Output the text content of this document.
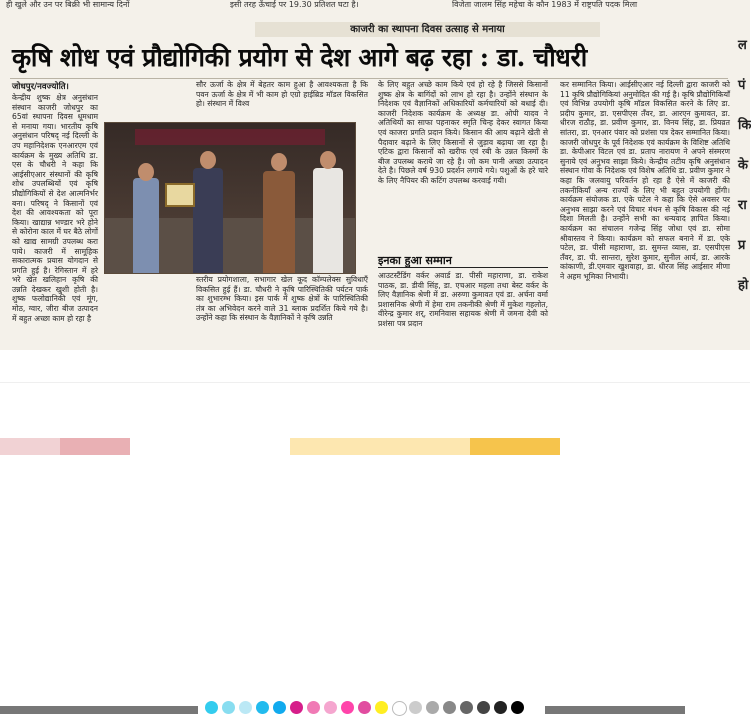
ही खुले और उन पर बिक्री भी सामान्य दिनों	इसी तरह ऊँचाई पर 19.30 प्रतिशत घटा है।	विजेता जालम सिंह महेचा के कौन 1983 में राष्ट्रपति पदक मिला
काजरी का स्थापना दिवस उत्साह से मनाया
कृषि शोध एवं प्रौद्योगिकी प्रयोग से देश आगे बढ़ रहा : डा. चौधरी
जोधपुर/नवज्योति।
केन्द्रीय शुष्क क्षेत्र अनुसंधान संस्थान काजरी जोधपुर का 65वां स्थापना दिवस धूमधाम से मनाया गया। भारतीय कृषि अनुसंधान परिषद् नई दिल्ली के उप महानिदेशक एनआरएम एवं कार्यक्रम के मुख्य अतिथि डा. एस के चौधरी ने कहा कि आईसीएआर संस्थानों की कृषि शोध उपलब्धियों एवं कृषि प्रौद्योगिकियों से देश आत्मनिर्भर बना। परिषद् ने किसानों एवं देश की आवश्यकता को पूरा किया। खाद्यान्न भण्डार भरे होने से कोरोना काल में घर बैठे लोगों को खाद्य सामग्री उपलब्ध करा पाये। काजरी में सामूहिक सकारात्मक प्रयास योगदान से प्रगति हुई है। रेगिस्तान में हरे भरे खेत खलिहान कृषि की उन्नति देखकर खुशी होती है। शुष्क फलोद्यानिकी एवं मूंग, मोठ, ग्वार, जीरा बीज उत्पादन में बहुत अच्छा काम हो रहा है
सौर ऊर्जा के क्षेत्र में बेहतर काम हुआ है आवश्यकता है कि पवन ऊर्जा के क्षेत्र में भी काम हो एग्रो हाईब्रिड मॉडल विकसित हो। संस्थान में विश्व
स्तरीय प्रयोगशाला, सभागार खेल कूद कॉम्पलेक्स सुविधाएँ विकसित हुई हैं। डा. चौधरी ने कृषि पारिस्थितिकी पर्यटन पार्क का शुभारम्भ किया। इस पार्क में शुष्क क्षेत्रों के पारिस्थितिकी तंत्र का अभिवेदन करने वाले 31 ब्लाक प्रदर्शित किये गये है। उन्होंने कहा कि संस्थान के वैज्ञानिकों ने कृषि उन्नति
के लिए बहुत अच्छे काम किये एवं हो रहे है जिससे किसानों शुष्क क्षेत्र के बागिंदों को लाभ हो रहा है। उन्होंने संस्थान के निदेशक एवं वैज्ञानिकों अधिकारियों कर्मचारियों को बधाई दी। काजरी निदेशक कार्यक्रम के अध्यक्ष डा. ओपी यादव ने अतिथियों का साफा पहनाकर स्मृति चिन्ह देकर स्वागत किया एवं काजरा प्रगति प्रदान किये। किसान की आय बढ़ाने खेती से पैदावार बढ़ाने के लिए किसानों से जुड़ाव बढ़ाया जा रहा है। एटिक द्वारा किसानों को खरीफ एवं रबी के उन्नत किस्मों के बीज उपलब्ध कराये जा रहे है। जो कम पानी अच्छा उत्पादन देते है। पिछले वर्ष 930 प्रदर्शन लगाये गये। पशुओं के हरे चारे के लिए नैपियर की कटिंग उपलब्ध करवाई गयी।
इनका हुआ सम्मान
आउटस्टैंडिंग वर्कर अवार्ड डा. पीसी महाराणा, डा. राकेश पाठक, डा. डीवी सिंह, डा. एचआर महला तथा बेस्ट वर्कर के लिए वैज्ञानिक श्रेणी में डा. अरुणा कुमावत एवं डा. अर्चना वर्मा प्रशासनिक श्रेणी में हेमा राम तकनीकी श्रेणी में मुकेश गहलोत, वीरेन्द्र कुमार शर्, रामनिवास सहायक श्रेणी में जमना देवी को प्रशंसा पत्र प्रदान
कर सम्मानित किया। आईसीएआर नई दिल्ली द्वारा काजरी को 11 कृषि प्रौद्योगिकियां अनुमोदित की गई है। कृषि प्रौद्योगिकियाँ एवं विभिन्न उपयोगी कृषि मॉडल विकसित करने के लिए डा. प्रदीप कुमार, डा. एसपीएस तँवर, डा. आरएन कुमावत, डा. धीरज राठौड़, डा. प्रवीण कुमार, डा. विनय सिंह, डा. प्रियव्रत सांतरा, डा. एनआर पंवार को प्रशंसा पत्र देकर सम्मानित किया। काजरी जोधपुर के पूर्व निदेशक एवं कार्यक्रम के विशिष्ट अतिथि डा. केपीआर विटल एवं डा. प्रताप नारायण ने अपने संस्मरण सुनाये एवं अनुभव साझा किये। केन्द्रीय तटीय कृषि अनुसंधान संस्थान गोवा के निदेशक एवं विशेष अतिथि डा. प्रवीण कुमार ने कहा कि जलवायु परिवर्तन हो रहा है ऐसे में काजरी की तकनीकियाँ अन्य राज्यों के लिए भी बहुत उपयोगी होंगी। कार्यक्रम संयोजक डा. एके पटेल ने कहा कि ऐसे अवसर पर अनुभव साझा करने एवं विचार मंथन से कृषि विकास की नई दिशा मिलती है। उन्होंने सभी का धन्यवाद ज्ञापित किया। कार्यक्रम का संचालन गजेन्द्र सिंह जोधा एवं डा. सोमा श्रीवास्तव ने किया। कार्यक्रम को सफल बनाने में डा. एके पटेल, डा. पीसी महाराणा, डा. सुमन्त व्यास, डा. एसपीएस तँवर, डा. पी. सान्तरा, सुरेश कुमार, सुनील आर्य, डा. आरके कांकाणी, डी.एमवार खुशवाहा, डा. धीरज सिंह आईसार मीणा ने अहम भूमिका निभायी।
ल
पं
कि
के
रा
प्र
हो
